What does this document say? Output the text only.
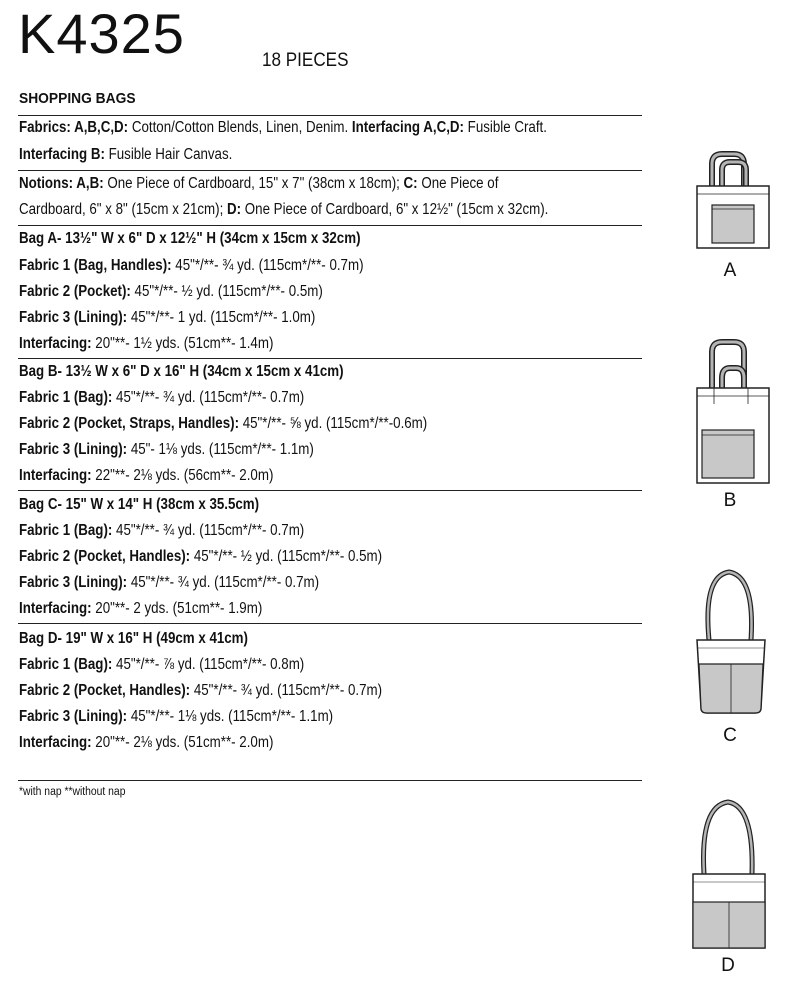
K4325	18 PIECES
SHOPPING BAGS
Fabrics: A,B,C,D: Cotton/Cotton Blends, Linen, Denim. Interfacing A,C,D: Fusible Craft.
Interfacing B: Fusible Hair Canvas.
Notions: A,B: One Piece of Cardboard, 15" x 7" (38cm x 18cm); C: One Piece of
Cardboard, 6" x 8" (15cm x 21cm); D: One Piece of Cardboard, 6" x 12½" (15cm x 32cm).
Bag A- 13½" W x 6" D x 12½" H (34cm x 15cm x 32cm)
Fabric 1 (Bag, Handles): 45"*/**- ¾ yd. (115cm*/**- 0.7m)
Fabric 2 (Pocket): 45"*/**- ½ yd. (115cm*/**- 0.5m)
Fabric 3 (Lining): 45"*/**- 1 yd. (115cm*/**- 1.0m)
Interfacing: 20"**- 1½ yds. (51cm**- 1.4m)
Bag B- 13½ W x 6" D x 16" H (34cm x 15cm x 41cm)
Fabric 1 (Bag): 45"*/**- ¾ yd. (115cm*/**- 0.7m)
Fabric 2 (Pocket, Straps, Handles): 45"*/**- ⅝ yd. (115cm*/**-0.6m)
Fabric 3 (Lining): 45"- 1⅛ yds. (115cm*/**- 1.1m)
Interfacing: 22"**- 2⅛ yds. (56cm**- 2.0m)
Bag C- 15" W x 14" H (38cm x 35.5cm)
Fabric 1 (Bag): 45"*/**- ¾ yd. (115cm*/**- 0.7m)
Fabric 2 (Pocket, Handles): 45"*/**- ½ yd. (115cm*/**- 0.5m)
Fabric 3 (Lining): 45"*/**- ¾ yd. (115cm*/**- 0.7m)
Interfacing: 20"**- 2 yds. (51cm**- 1.9m)
Bag D- 19" W x 16" H (49cm x 41cm)
Fabric 1 (Bag): 45"*/**- ⅞ yd. (115cm*/**- 0.8m)
Fabric 2 (Pocket, Handles): 45"*/**- ¾ yd. (115cm*/**- 0.7m)
Fabric 3 (Lining): 45"*/**- 1⅛ yds. (115cm*/**- 1.1m)
Interfacing: 20"**- 2⅛ yds. (51cm**- 2.0m)
*with nap **without nap
A
B
C
D
